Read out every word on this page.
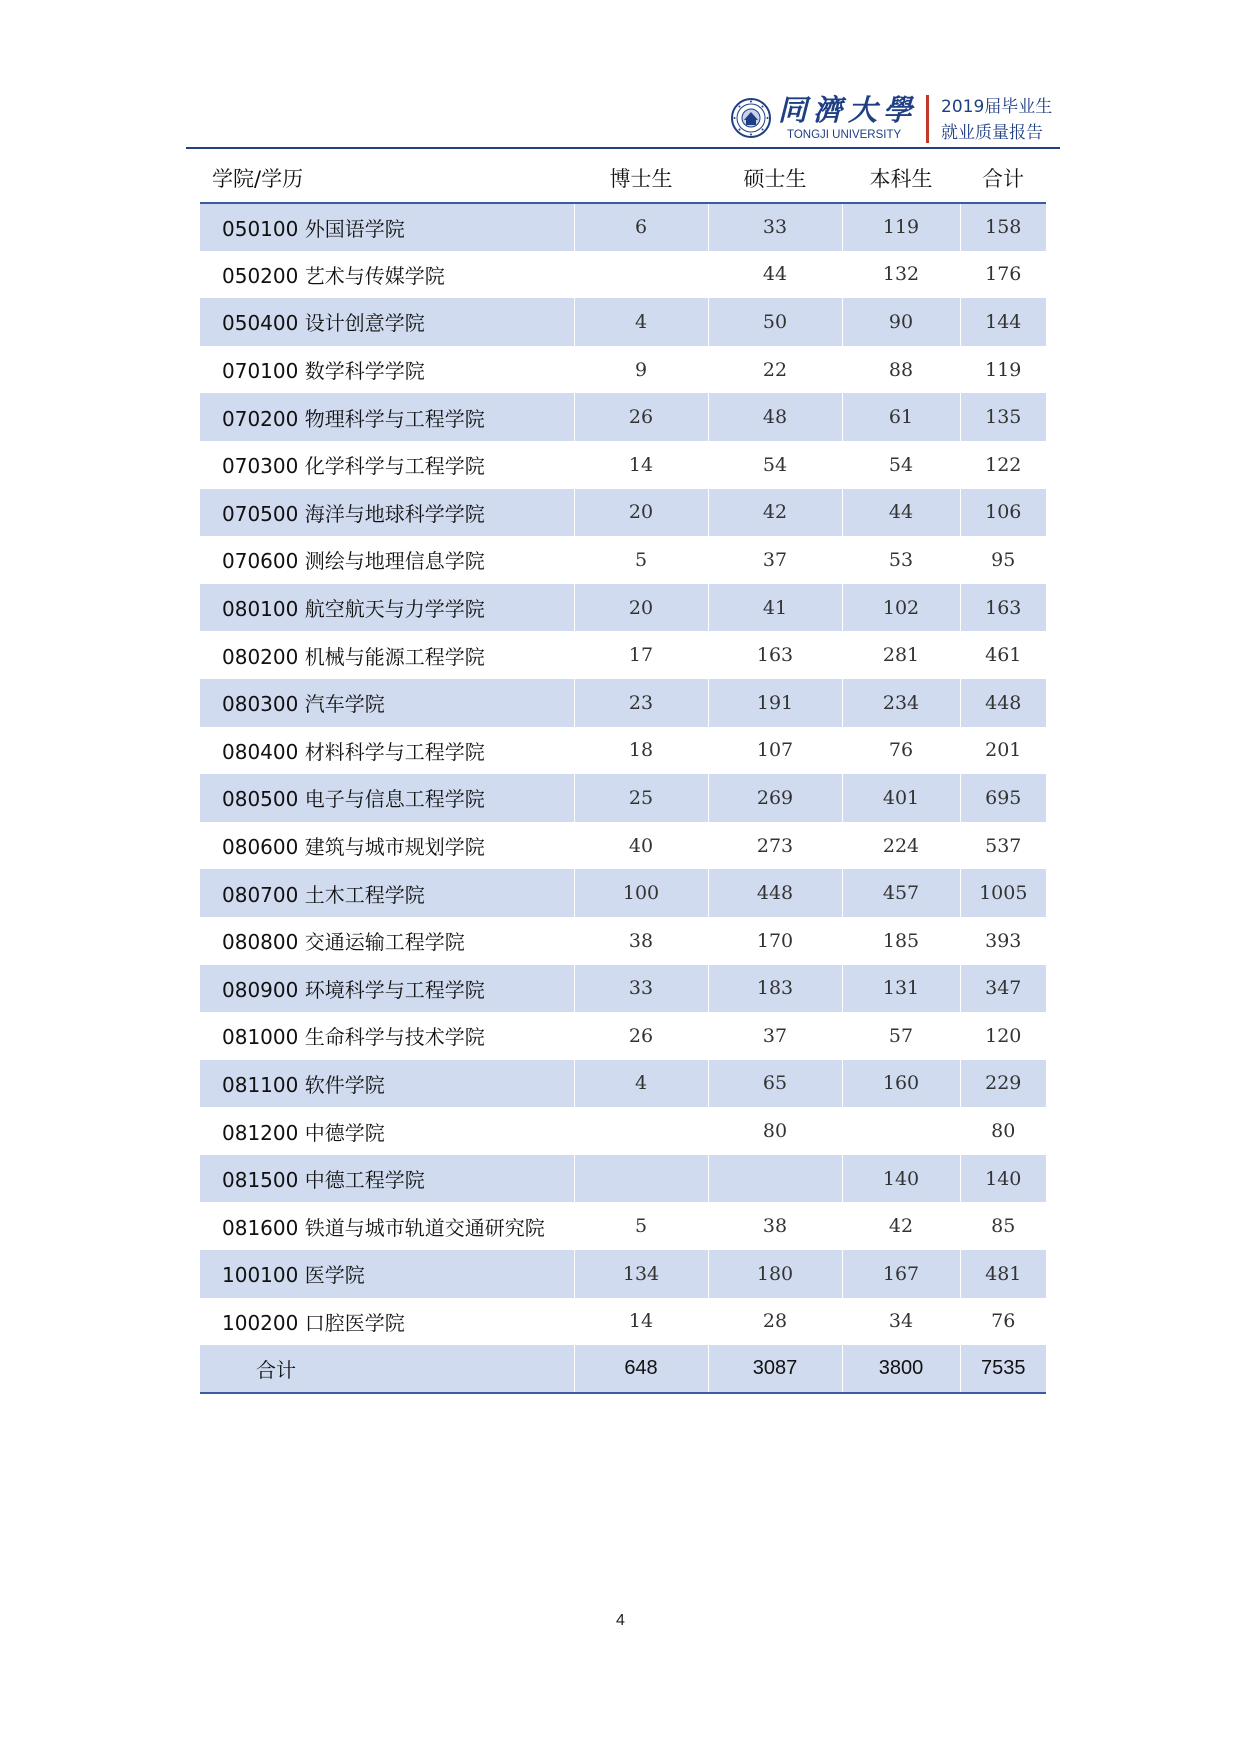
同濟大學
TONGJI UNIVERSITY
2019届毕业生
就业质量报告
学院/学历	博士生	硕士生	本科生	合计
050100 外国语学院	6	33	119	158
050200 艺术与传媒学院		44	132	176
050400 设计创意学院	4	50	90	144
070100 数学科学学院	9	22	88	119
070200 物理科学与工程学院	26	48	61	135
070300 化学科学与工程学院	14	54	54	122
070500 海洋与地球科学学院	20	42	44	106
070600 测绘与地理信息学院	5	37	53	95
080100 航空航天与力学学院	20	41	102	163
080200 机械与能源工程学院	17	163	281	461
080300 汽车学院	23	191	234	448
080400 材料科学与工程学院	18	107	76	201
080500 电子与信息工程学院	25	269	401	695
080600 建筑与城市规划学院	40	273	224	537
080700 土木工程学院	100	448	457	1005
080800 交通运输工程学院	38	170	185	393
080900 环境科学与工程学院	33	183	131	347
081000 生命科学与技术学院	26	37	57	120
081100 软件学院	4	65	160	229
081200 中德学院		80		80
081500 中德工程学院			140	140
081600 铁道与城市轨道交通研究院	5	38	42	85
100100 医学院	134	180	167	481
100200 口腔医学院	14	28	34	76
合计	648	3087	3800	7535
4
